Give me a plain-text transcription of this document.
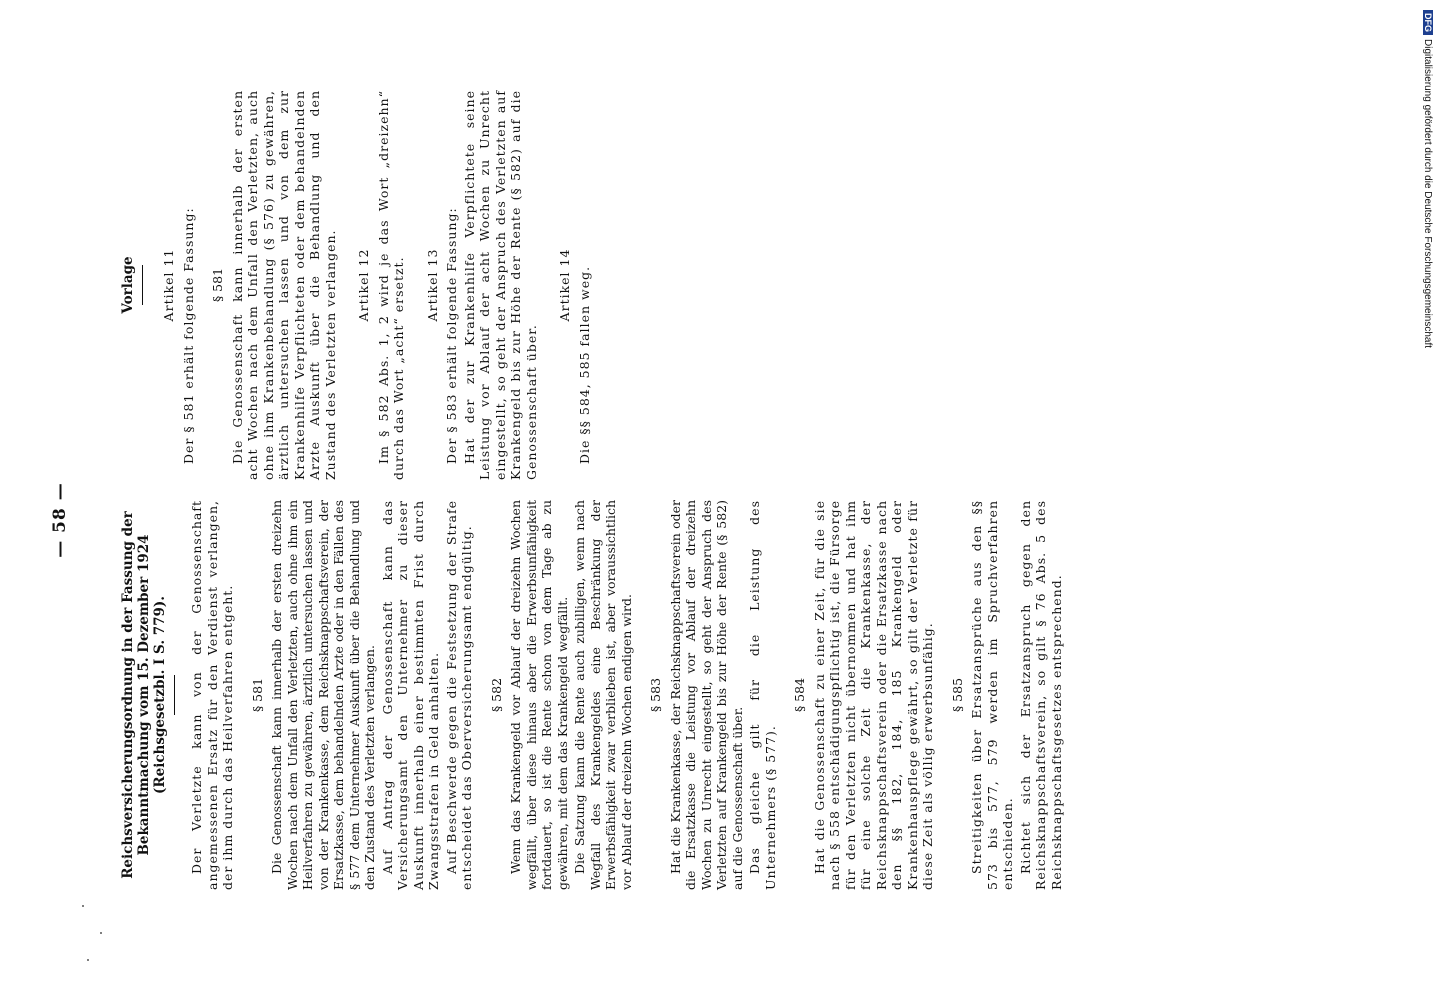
— 58 —	Reichsversicherungsordnung in der Fassung der Bekanntmachung vom 15. Dezember 1924 (Reichsgesetzbl. I S. 779). Der Verletzte kann von der Genossenschaft angemessenen Ersatz für den Verdienst verlangen, der ihm durch das Heilverfahren entgeht. § 581 Die Genossenschaft kann innerhalb der ersten dreizehn Wochen nach dem Unfall den Verletzten, auch ohne ihm ein Heilverfahren zu gewähren, ärztlich untersuchen lassen und von der Krankenkasse, dem Reichsknappschaftsverein, der Ersatzkasse, dem behandelnden Arzte oder in den Fällen des § 577 dem Unternehmer Auskunft über die Behandlung und den Zustand des Verletzten verlangen. Auf Antrag der Genossenschaft kann das Versicherungsamt den Unternehmer zu dieser Auskunft innerhalb einer bestimmten Frist durch Zwangsstrafen in Geld anhalten. Auf Beschwerde gegen die Festsetzung der Strafe entscheidet das Oberversicherungsamt endgültig. § 582 Wenn das Krankengeld vor Ablauf der dreizehn Wochen wegfällt, über diese hinaus aber die Erwerbsunfähigkeit fortdauert, so ist die Rente schon von dem Tage ab zu gewähren, mit dem das Krankengeld wegfällt. Die Satzung kann die Rente auch zubilligen, wenn nach Wegfall des Krankengeldes eine Beschränkung der Erwerbsfähigkeit zwar verblieben ist, aber voraussichtlich vor Ablauf der dreizehn Wochen endigen wird. § 583 Hat die Krankenkasse, der Reichsknappschaftsverein oder die Ersatzkasse die Leistung vor Ablauf der dreizehn Wochen zu Unrecht eingestellt, so geht der Anspruch des Verletzten auf Krankengeld bis zur Höhe der Rente (§ 582) auf die Genossenschaft über. Das gleiche gilt für die Leistung des Unternehmers (§ 577).

§ 584 Hat die Genossenschaft zu einer Zeit, für die sie nach § 558 entschädigungspflichtig ist, die Fürsorge für den Verletzten nicht übernommen und hat ihm für eine solche Zeit die Krankenkasse, der Reichsknappschaftsverein oder die Ersatzkasse nach den §§ 182, 184, 185 Krankengeld oder Krankenhauspflege gewährt, so gilt der Verletzte für diese Zeit als völlig erwerbsunfähig. § 585 Streitigkeiten über Ersatzansprüche aus den §§ 573 bis 577, 579 werden im Spruchverfahren entschieden. Richtet sich der Ersatzanspruch gegen den Reichsknappschaftsverein, so gilt § 76 Abs. 5 des Reichsknappschaftsgesetzes entsprechend.

Vorlage Artikel 11 Der § 581 erhält folgende Fassung: § 581 Die Genossenschaft kann innerhalb der ersten acht Wochen nach dem Unfall den Verletzten, auch ohne ihm Krankenbehandlung (§ 576) zu gewähren, ärztlich untersuchen lassen und von dem zur Krankenhilfe Verpflichteten oder dem behandelnden Arzte Auskunft über die Behandlung und den Zustand des Verletzten verlangen. Artikel 12 Im § 582 Abs. 1, 2 wird je das Wort „dreizehn“ durch das Wort „acht“ ersetzt. Artikel 13 Der § 583 erhält folgende Fassung: Hat der zur Krankenhilfe Verpflichtete seine Leistung vor Ablauf der acht Wochen zu Unrecht eingestellt, so geht der Anspruch des Verletzten auf Krankengeld bis zur Höhe der Rente (§ 582) auf die Genossenschaft über.

Artikel 14 Die §§ 584, 585 fallen weg.

DFGDigitalisierung gefördert durch die Deutsche Forschungsgemeinschaft
